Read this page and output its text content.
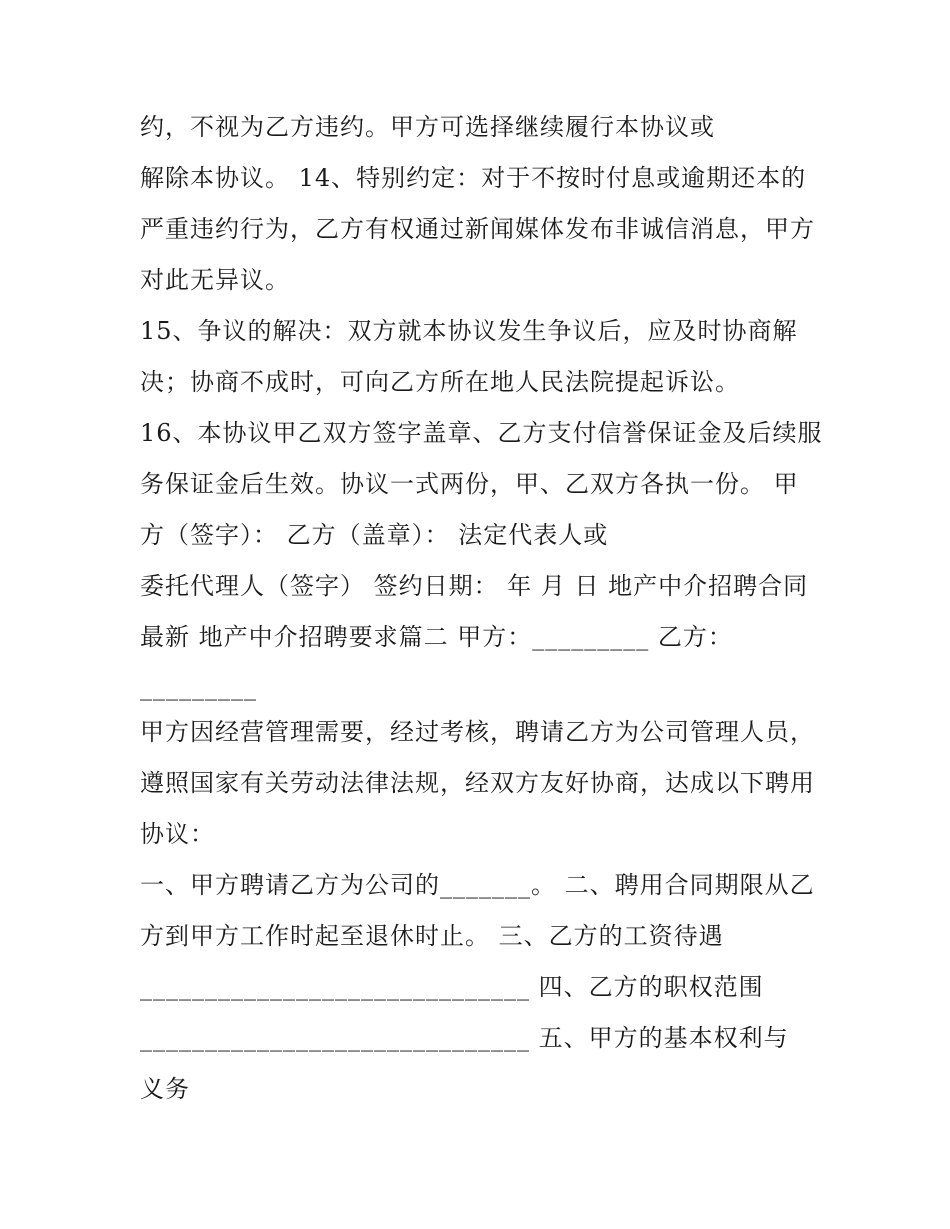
约，不视为乙方违约。甲方可选择继续履行本协议或
解除本协议。 14、特别约定：对于不按时付息或逾期还本的
严重违约行为，乙方有权通过新闻媒体发布非诚信消息，甲方
对此无异议。
15、争议的解决：双方就本协议发生争议后，应及时协商解
决；协商不成时，可向乙方所在地人民法院提起诉讼。
16、本协议甲乙双方签字盖章、乙方支付信誉保证金及后续服
务保证金后生效。协议一式两份，甲、乙双方各执一份。 甲
方（签字）： 乙方（盖章）： 法定代表人或
委托代理人（签字） 签约日期： 年 月 日 地产中介招聘合同
最新 地产中介招聘要求篇二 甲方：_________ 乙方：
_________
甲方因经营管理需要，经过考核，聘请乙方为公司管理人员，
遵照国家有关劳动法律法规，经双方友好协商，达成以下聘用
协议：
一、甲方聘请乙方为公司的_______。 二、聘用合同期限从乙
方到甲方工作时起至退休时止。 三、乙方的工资待遇
______________________________ 四、乙方的职权范围
______________________________ 五、甲方的基本权利与
义务
